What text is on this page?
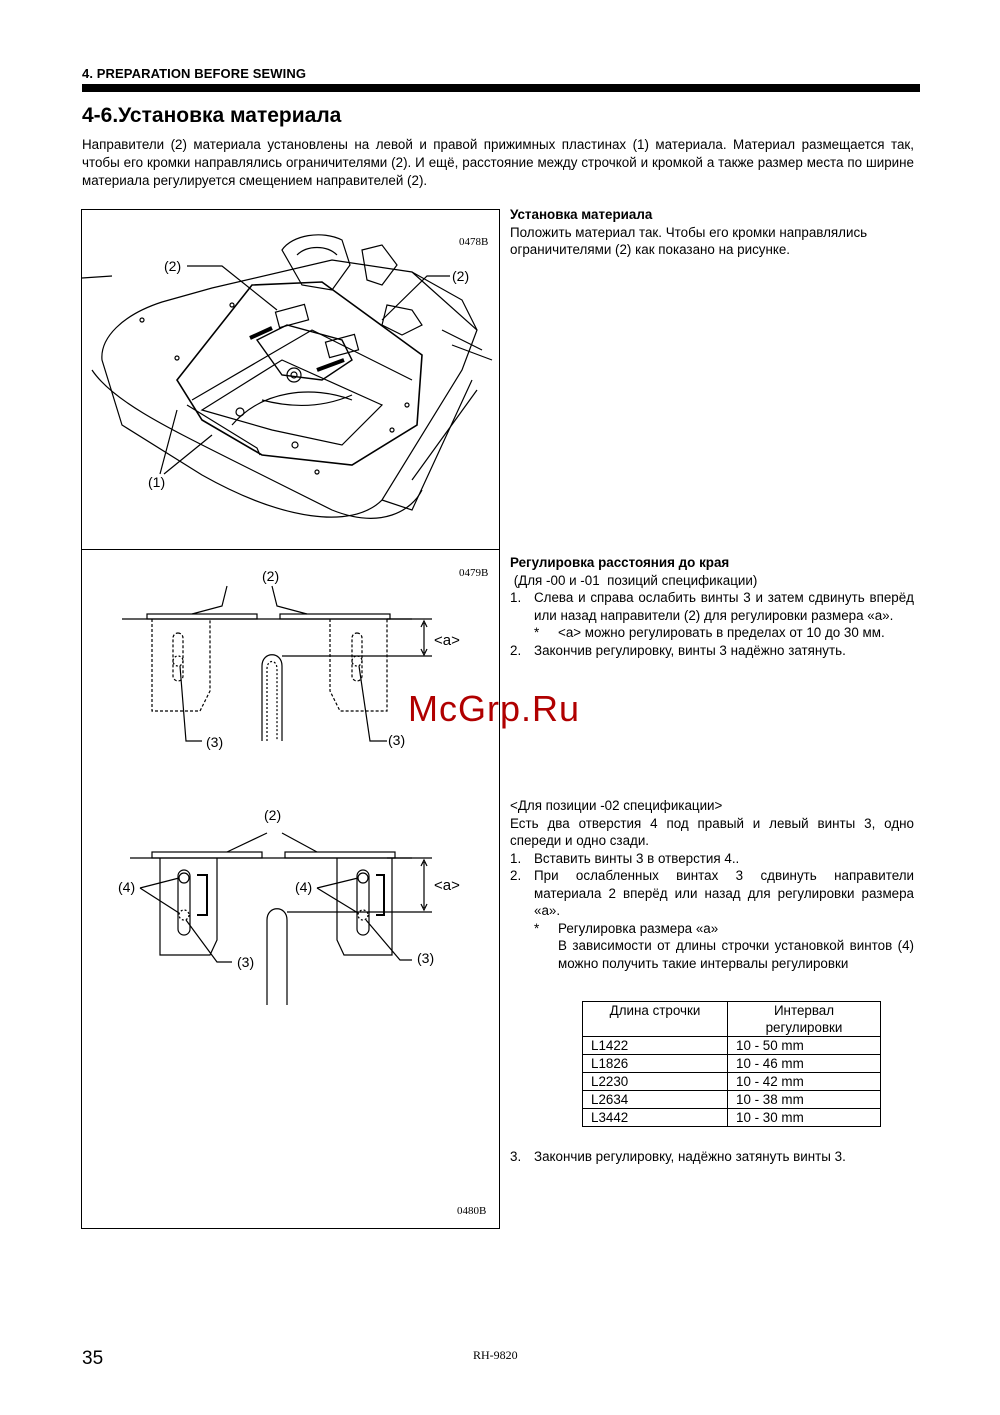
4. PREPARATION BEFORE SEWING
4-6.Установка материала
Направители (2) материала установлены на левой и правой прижимных пластинах (1) материала. Материал размещается так, чтобы его кромки направлялись ограничителями (2). И ещё, расстояние между строчкой и кромкой а также размер места по ширине материала регулируется смещением направителей (2).
0478B
(2)
(2)
(1)
0479B
(2)
<a>
(3)	(3)
(2)
<a>
(4)	(4)
(3)	(3)
0480B
Установка материала
Положить материал так. Чтобы его кромки направлялись ограничителями (2) как показано на рисунке.
Регулировка расстояния до края
(Для -00 и -01  позиций спецификации)
1. Слева и справа ослабить винты 3 и затем сдвинуть вперёд или назад направители (2) для регулировки размера «a».
*	<a> можно регулировать в пределах от 10 до 30 мм.
2. Закончив регулировку, винты 3 надёжно затянуть.
<Для позиции -02 спецификации>
Есть два отверстия 4 под правый и левый винты 3, одно спереди и одно сзади.
1. Вставить винты 3 в отверстия 4..
2. При ослабленных винтах 3 сдвинуть направители материала 2 вперёд или назад для регулировки размера «a».
*	Регулировка размера «a»
В зависимости от длины строчки установкой винтов (4) можно получить такие интервалы регулировки
Длина строчки	Интервал регулировки
L1422	10 - 50 mm
L1826	10 - 46 mm
L2230	10 - 42 mm
L2634	10 - 38 mm
L3442	10 - 30 mm
3. Закончив регулировку, надёжно затянуть винты 3.
McGrp.Ru
35	RH-9820
